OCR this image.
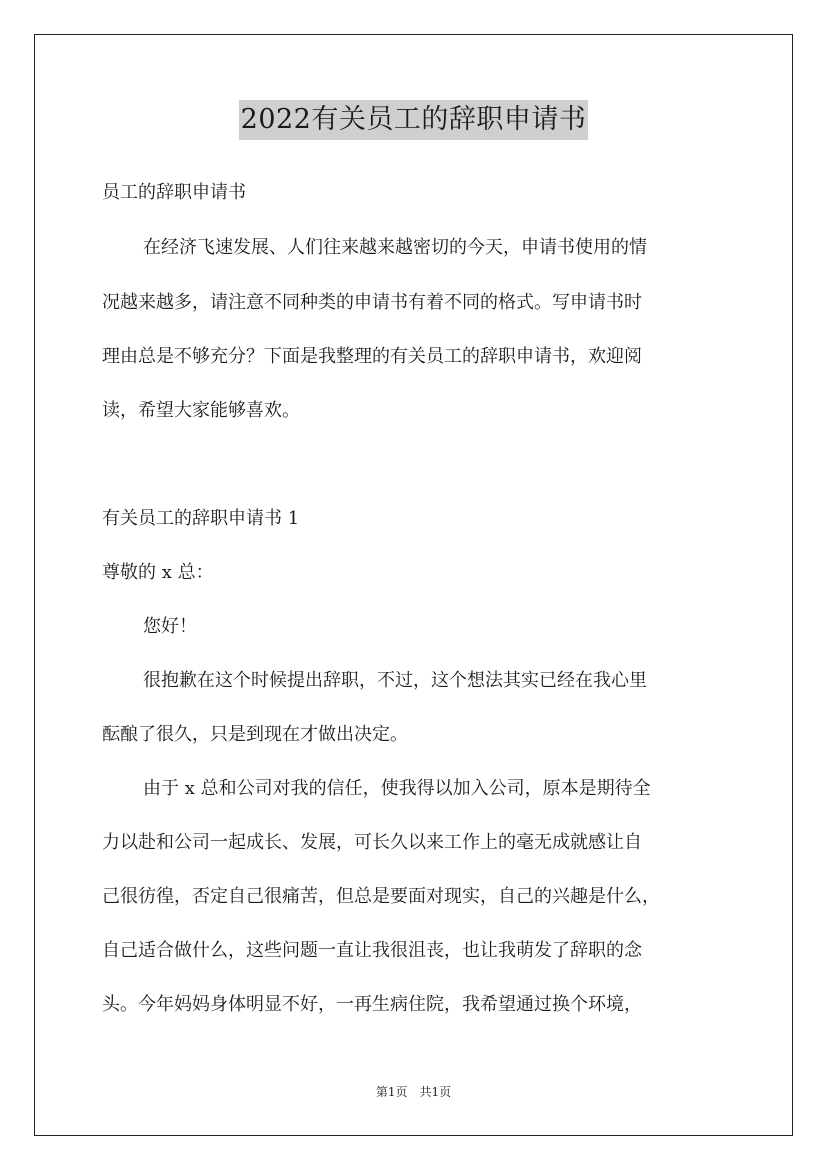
2022有关员工的辞职申请书
员工的辞职申请书
在经济飞速发展、人们往来越来越密切的今天，申请书使用的情
况越来越多，请注意不同种类的申请书有着不同的格式。写申请书时
理由总是不够充分？下面是我整理的有关员工的辞职申请书，欢迎阅
读，希望大家能够喜欢。
有关员工的辞职申请书 1
尊敬的 x 总：
您好！
很抱歉在这个时候提出辞职，不过，这个想法其实已经在我心里
酝酿了很久，只是到现在才做出决定。
由于 x 总和公司对我的信任，使我得以加入公司，原本是期待全
力以赴和公司一起成长、发展，可长久以来工作上的毫无成就感让自
己很彷徨，否定自己很痛苦，但总是要面对现实，自己的兴趣是什么，
自己适合做什么，这些问题一直让我很沮丧，也让我萌发了辞职的念
头。今年妈妈身体明显不好，一再生病住院，我希望通过换个环境，
第1页 共1页
